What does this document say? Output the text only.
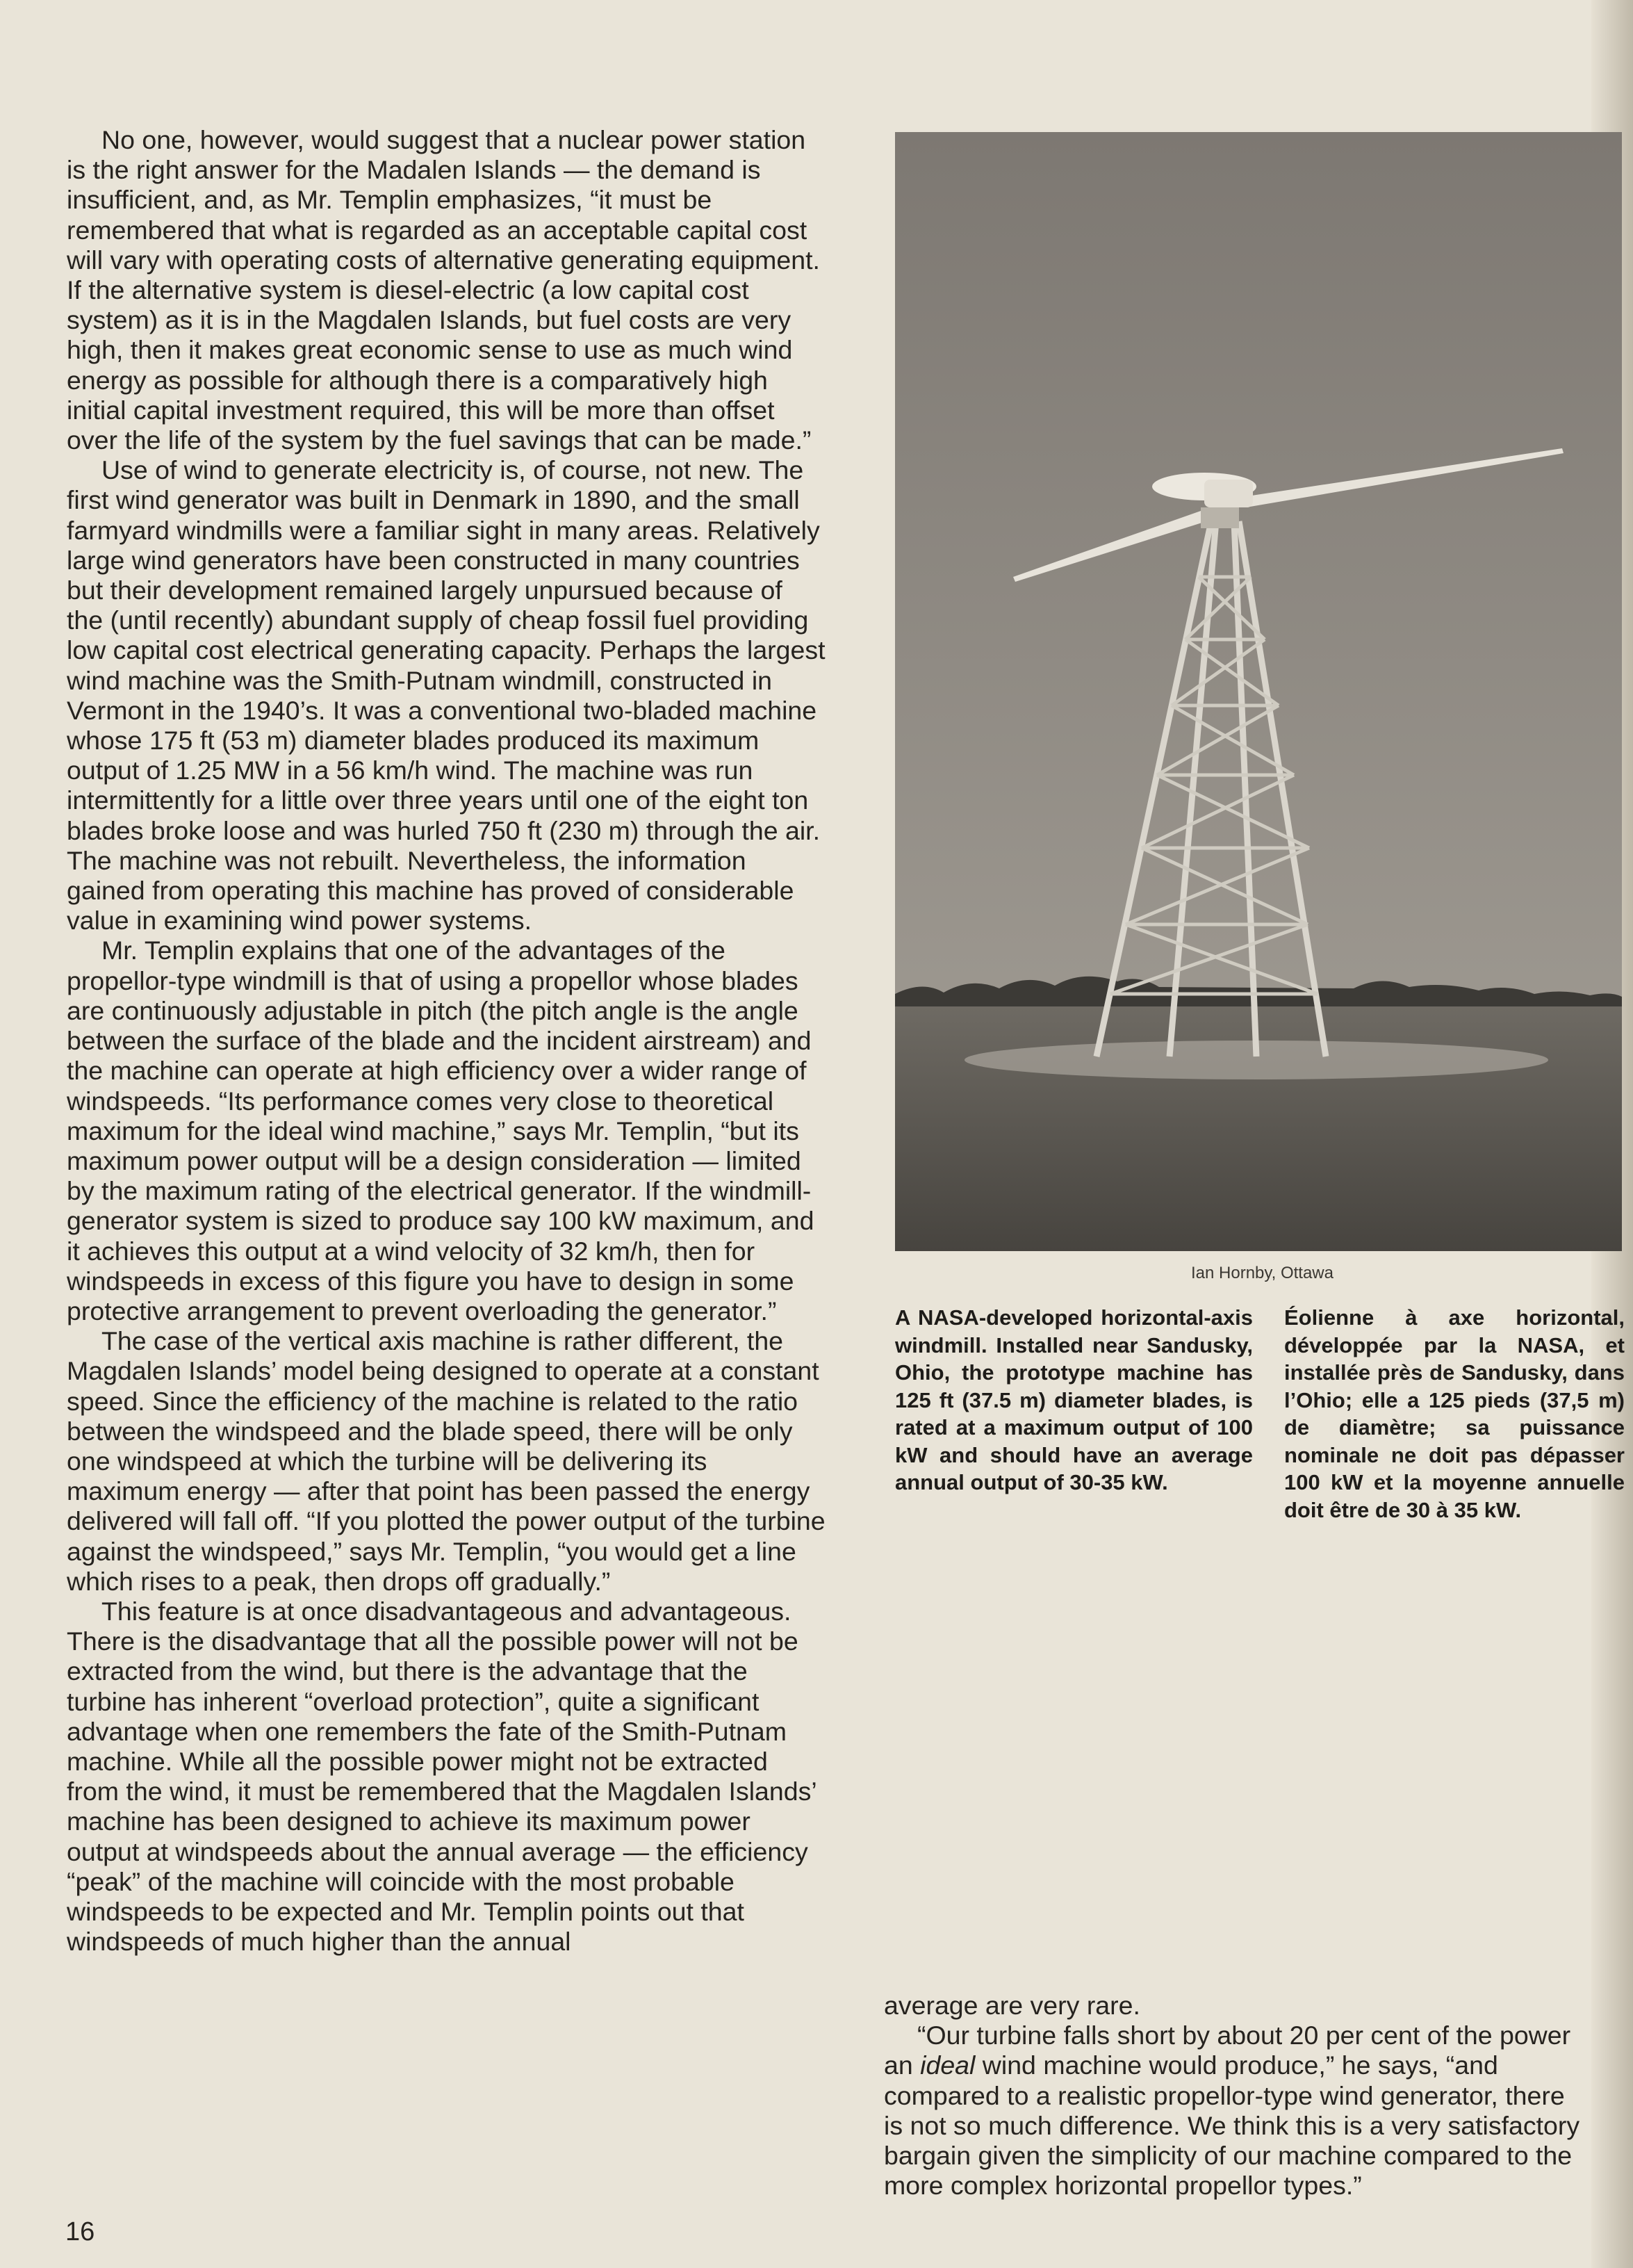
No one, however, would suggest that a nuclear power station is the right answer for the Madalen Islands — the demand is insufficient, and, as Mr. Templin emphasizes, “it must be remembered that what is regarded as an acceptable capital cost will vary with operating costs of alternative generating equipment. If the alternative system is diesel-electric (a low capital cost system) as it is in the Magdalen Islands, but fuel costs are very high, then it makes great economic sense to use as much wind energy as possible for although there is a comparatively high initial capital investment required, this will be more than offset over the life of the system by the fuel savings that can be made.”

Use of wind to generate electricity is, of course, not new. The first wind generator was built in Denmark in 1890, and the small farmyard windmills were a familiar sight in many areas. Relatively large wind generators have been constructed in many countries but their development remained largely unpursued because of the (until recently) abundant supply of cheap fossil fuel providing low capital cost electrical generating capacity. Perhaps the largest wind machine was the Smith-Putnam windmill, constructed in Vermont in the 1940’s. It was a conventional two-bladed machine whose 175 ft (53 m) diameter blades produced its maximum output of 1.25 MW in a 56 km/h wind. The machine was run intermittently for a little over three years until one of the eight ton blades broke loose and was hurled 750 ft (230 m) through the air. The machine was not rebuilt. Nevertheless, the information gained from operating this machine has proved of considerable value in examining wind power systems.

Mr. Templin explains that one of the advantages of the propellor-type windmill is that of using a propellor whose blades are continuously adjustable in pitch (the pitch angle is the angle between the surface of the blade and the incident airstream) and the machine can operate at high efficiency over a wider range of windspeeds. “Its performance comes very close to theoretical maximum for the ideal wind machine,” says Mr. Templin, “but its maximum power output will be a design consideration — limited by the maximum rating of the electrical generator. If the windmill-generator system is sized to produce say 100 kW maximum, and it achieves this output at a wind velocity of 32 km/h, then for windspeeds in excess of this figure you have to design in some protective arrangement to prevent overloading the generator.”

The case of the vertical axis machine is rather different, the Magdalen Islands’ model being designed to operate at a constant speed. Since the efficiency of the machine is related to the ratio between the windspeed and the blade speed, there will be only one windspeed at which the turbine will be delivering its maximum energy — after that point has been passed the energy delivered will fall off. “If you plotted the power output of the turbine against the windspeed,” says Mr. Templin, “you would get a line which rises to a peak, then drops off gradually.”

This feature is at once disadvantageous and advantageous. There is the disadvantage that all the possible power will not be extracted from the wind, but there is the advantage that the turbine has inherent “overload protection”, quite a significant advantage when one remembers the fate of the Smith-Putnam machine. While all the possible power might not be extracted from the wind, it must be remembered that the Magdalen Islands’ machine has been designed to achieve its maximum power output at windspeeds about the annual average — the efficiency “peak” of the machine will coincide with the most probable windspeeds to be expected and Mr. Templin points out that windspeeds of much higher than the annual

Ian Hornby, Ottawa
A NASA-developed horizontal-axis windmill. Installed near Sandusky, Ohio, the prototype machine has 125 ft (37.5 m) diameter blades, is rated at a maximum output of 100 kW and should have an average annual output of 30-35 kW.
Éolienne à axe horizontal, développée par la NASA, et installée près de Sandusky, dans l’Ohio; elle a 125 pieds (37,5 m) de diamètre; sa puissance nominale ne doit pas dépasser 100 kW et la moyenne annuelle doit être de 30 à 35 kW.

average are very rare.

“Our turbine falls short by about 20 per cent of the power an ideal wind machine would produce,” he says, “and compared to a realistic propellor-type wind generator, there is not so much difference. We think this is a very satisfactory bargain given the simplicity of our machine compared to the more complex horizontal propellor types.”

16
